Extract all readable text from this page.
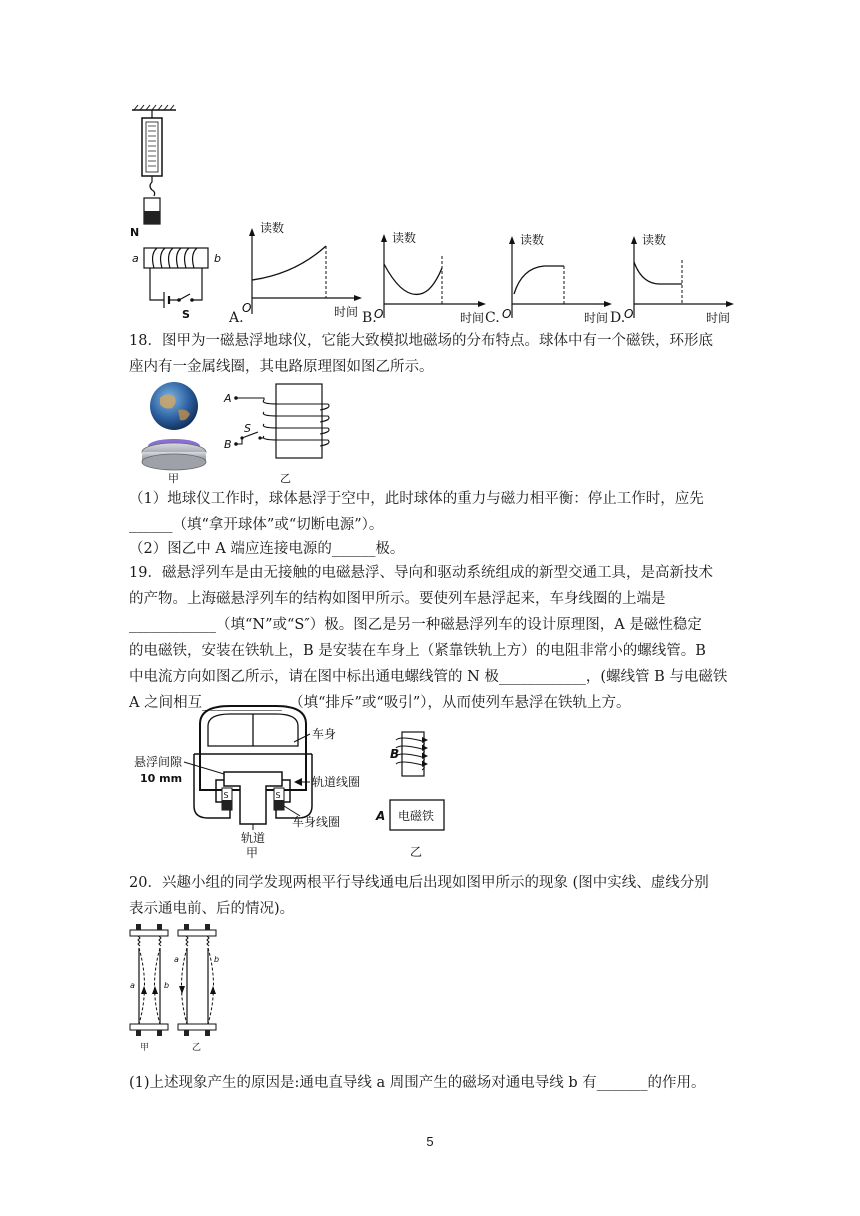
N
a	b
S	A.
读数
时间
O
B.
读数
时间
O	C.
读数
时间
O	D.
读数
时间
O
18．图甲为一磁悬浮地球仪，它能大致模拟地磁场的分布特点。球体中有一个磁铁，环形底
座内有一金属线圈，其电路原理图如图乙所示。
甲
A
S
B
乙
（1）地球仪工作时，球体悬浮于空中，此时球体的重力与磁力相平衡：停止工作时，应先
______（填“拿开球体”或“切断电源”）。
（2）图乙中 A 端应连接电源的______极。
19．磁悬浮列车是由无接触的电磁悬浮、导向和驱动系统组成的新型交通工具，是高新技术
的产物。上海磁悬浮列车的结构如图甲所示。要使列车悬浮起来，车身线圈的上端是
____________（填“N”或“S″）极。图乙是另一种磁悬浮列车的设计原理图，A 是磁性稳定
的电磁铁，安装在铁轨上，B 是安装在车身上（紧靠铁轨上方）的电阻非常小的螺线管。B
中电流方向如图乙所示，请在图中标出通电螺线管的 N 极____________，(螺线管 B 与电磁铁
A 之间相互___________　（填“排斥”或“吸引”），从而使列车悬浮在铁轨上方。
S	S
车身
悬浮间隙
10 mm	轨道线圈
车身线圈
轨道
甲
B
电磁铁
A
乙
20．兴趣小组的同学发现两根平行导线通电后出现如图甲所示的现象 (图中实线、虚线分别
表示通电前、后的情况)。
a	b
甲
a	b
乙
(1)上述现象产生的原因是:通电直导线 a 周围产生的磁场对通电导线 b 有_______的作用。
5
